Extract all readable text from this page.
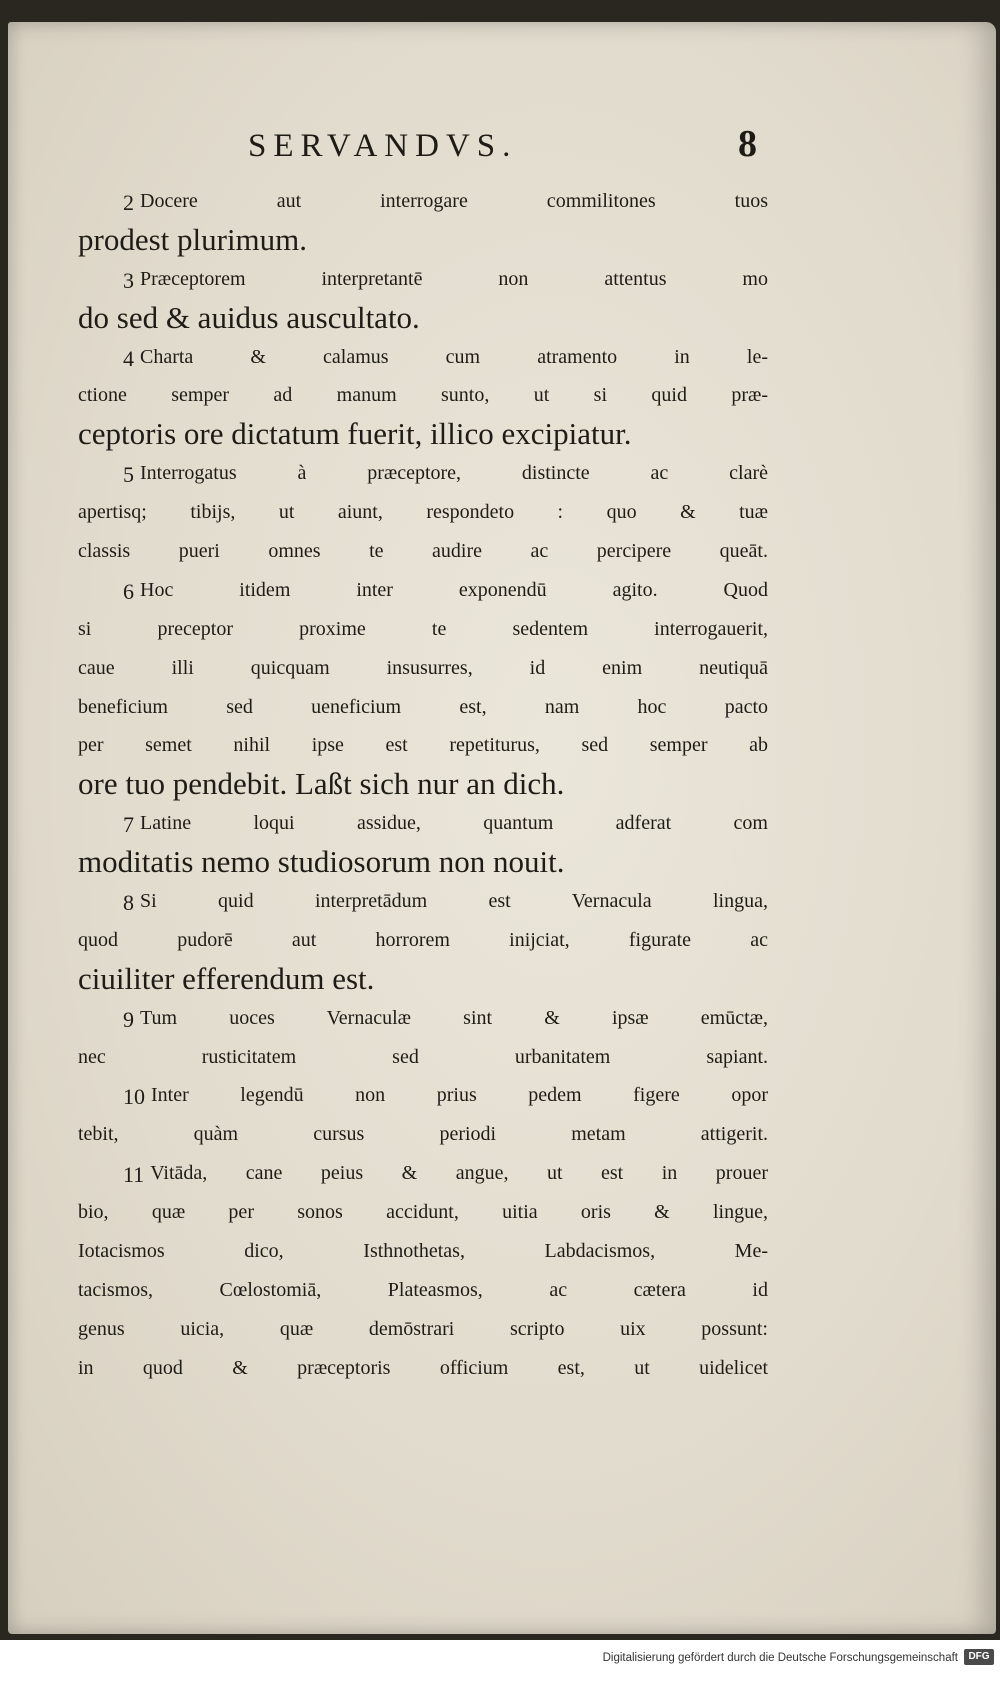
SERVANDVS.	8
2 Docere aut interrogare commilitones tuos
prodest plurimum.
3 Præceptorem interpretantē non attentus mo
do sed & auidus auscultato.
4 Charta & calamus cum atramento in le-
ctione semper ad manum sunto, ut si quid præ-
ceptoris ore dictatum fuerit, illico excipiatur.
5 Interrogatus à præceptore, distincte ac clarè
apertisq; tibijs, ut aiunt, respondeto : quo & tuæ
classis pueri omnes te audire ac percipere queāt.
6 Hoc itidem inter exponendū agito. Quod
si preceptor proxime te sedentem interrogauerit,
caue illi quicquam insusurres, id enim neutiquā
beneficium sed ueneficium est, nam hoc pacto
per semet nihil ipse est repetiturus, sed semper ab
ore tuo pendebit. Laßt sich nur an dich.
7 Latine loqui assidue, quantum adferat com
moditatis nemo studiosorum non nouit.
8 Si quid interpretādum est Vernacula lingua,
quod pudorē aut horrorem inijciat, figurate ac
ciuiliter efferendum est.
9 Tum uoces Vernaculæ sint & ipsæ emūctæ,
nec rusticitatem sed urbanitatem sapiant.
10 Inter legendū non prius pedem figere opor
tebit, quàm cursus periodi metam attigerit.
11 Vitāda, cane peius & angue, ut est in prouer
bio, quæ per sonos accidunt, uitia oris & lingue,
Iotacismos dico, Isthnothetas, Labdacismos, Me-
tacismos, Cœlostomiā, Plateasmos, ac cætera id
genus uicia, quæ demōstrari scripto uix possunt:
in quod & præceptoris officium est, ut uidelicet
Digitalisierung gefördert durch die Deutsche Forschungsgemeinschaft	DFG
